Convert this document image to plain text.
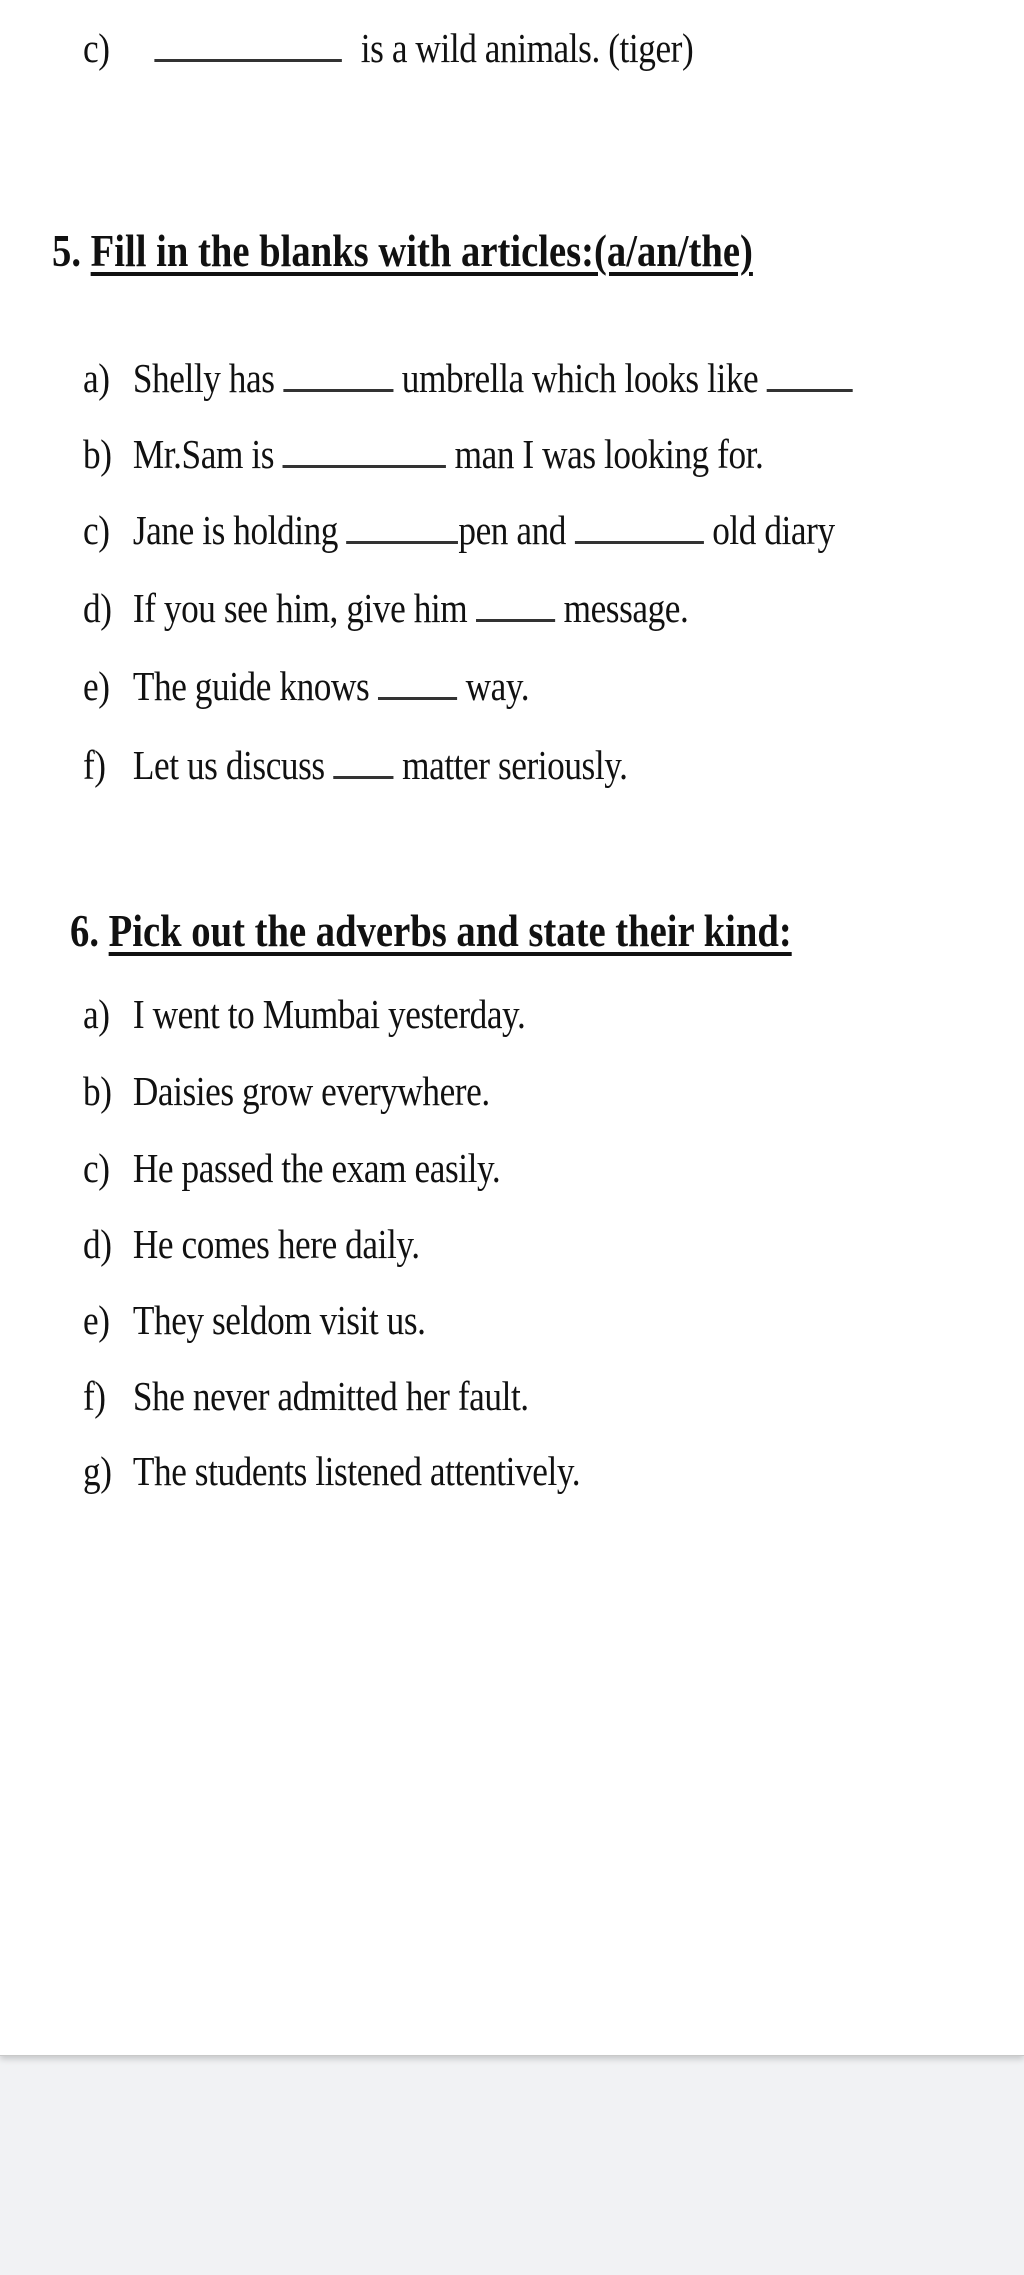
c)	is a wild animals. (tiger)
5. Fill in the blanks with articles:(a/an/the)
a) Shelly has	umbrella which looks like
b) Mr.Sam is	man I was looking for.
c) Jane is holding	pen and	old diary
d) If you see him, give him message.
e) The guide knows way.
f) Let us discuss matter seriously.
6. Pick out the adverbs and state their kind:
a) I went to Mumbai yesterday.
b) Daisies grow everywhere.
c) He passed the exam easily.
d) He comes here daily.
e) They seldom visit us.
f) She never admitted her fault.
g) The students listened attentively.
